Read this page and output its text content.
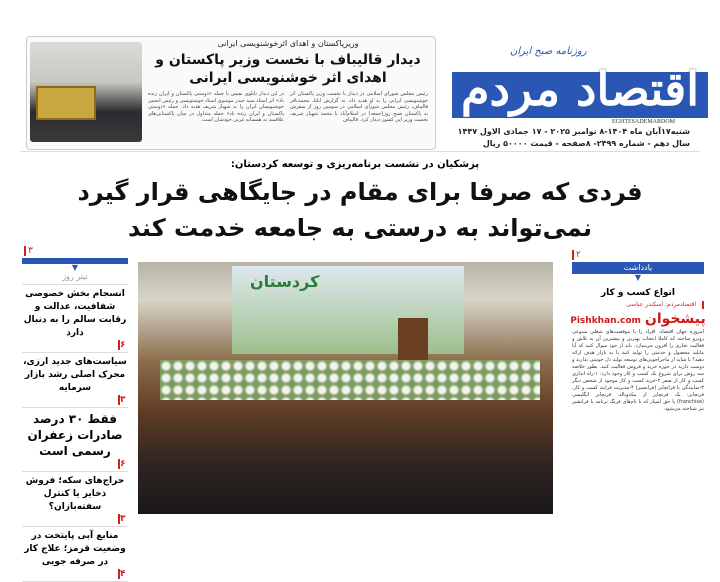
وزیرپاکستان و اهدای اثرخوشنویسی ایرانی
دیدار قالیباف با نخست وزیر پاکستان و اهدای اثر خوشنویسی ایرانی
رئیس مجلس شورای اسلامی در دیدار با نخست وزیر پاکستان اثر خوشنویسی ایرانی را به او هدیه داد. به گزارش ایلنا، محمدباقر قالیباف، رئیس مجلس شورای اسلامی در سومین روز از سفرش به پاکستان صبح روز(جمعه) در اسلام‌آباد با محمد شهباز شریف نخست وزیر این کشور دیدار کرد. قالیباف
در این دیدار تابلوی نفیس با جمله «دوستی پاکستان و ایران زنده باد» اثر استاد سید حیدر موسوی استاد خوشنویسی و رئیس انجمن خوشنویسان ایران را به شهباز شریف هدیه داد. جمله «دوستی پاکستان و ایران زنده باد» جمله متداول در میان پاکستانی‌های علاقمند به همسایه غربی خودشان است.
اقتصاد مردم
روزنامه صبح ایران
EGHTESADEMARDOM
شنبه۱۷آبان ماه ۱۴۰۴-۸ نوامبر ۲۰۲۵ - ۱۷ جمادی الاول ۱۴۴۷
سال دهم - شماره ۲۴۹۹- ۸صفحه - قیمت ۵۰۰۰۰ ریال
پزشکیان در نشست برنامه‌ریزی و توسعه کردستان:
فردی که صرفا برای مقام در جایگاهی قرار گیرد
نمی‌تواند به درستی به جامعه خدمت کند
۳
کردستان
▼
تیتر روز
انسجام بخش خصوصی شفافیت، عدالت و رقابت سالم را به دنبال دارد
۶
سیاست‌های جدید ارزی، محرک اصلی رشد بازار سرمایه
۳
فقط ۳۰ درصد صادرات زعفران رسمی است
۶
حراج‌های سکه؛ فروش ذخایر یا کنترل سفته‌بازان؟
۳
منابع آبی پایتخت در وضعیت قرمز؛ علاج کار در صرفه جویی
۴
۲
یادداشت
▼
انواع کسب و کار
اقتصادمردم: اسکندر عباسی
پیشخوان
Pishkhan.com
امروزه جهان اقتصاد، افراد را با موقعیت‌های شغلی متنوعی روبرو ساخته که کاملا انتخاب بهترین و بیشترین آن به تلاش و فعالیت تجاری را افزون می‌سازد. باید از خود سوال کنید که آیا مایلید محصول و خدمتی را تولید کنید یا به بازار هدف ارائه دهید؟ یا شاید از ماجراجویی‌های توسعه تولید دل خوشی ندارید و دوست دارید در حوزه خرید و فروش فعالیت کنید. بطور خلاصه سه روش برای شروع یک کسب و کار وجود دارد: ۱-راه اندازی کسب و کار از صفر ۲-خرید کسب و کار موجود از شخص دیگر ۳-نمایندگی یا فرانچایز (فرانشیز) ۴-مدیریت فرایند کسب و کار. فرنچایز: یک فرنچایز از مکدونالد. فرنچایز انگلیسی (franchise) یا حق امتیاز که با نام‌های فرنگ برنامه یا فرانشیز نیز شناخته می‌شود.
